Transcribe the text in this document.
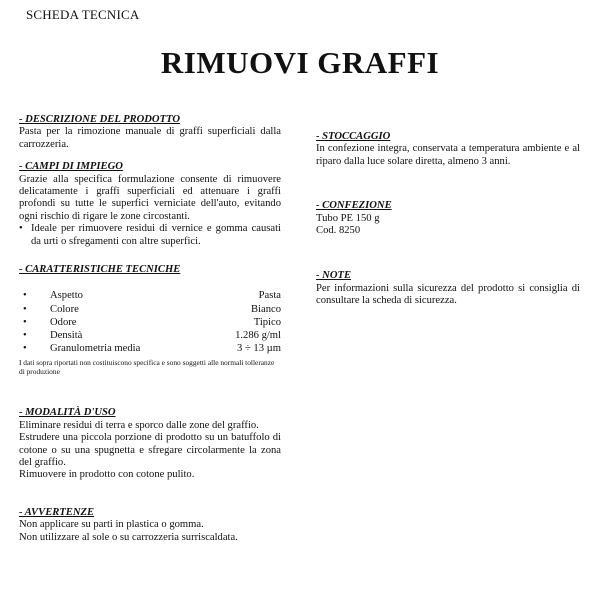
SCHEDA TECNICA
RIMUOVI GRAFFI
- DESCRIZIONE DEL PRODOTTO

Pasta per la rimozione manuale di graffi superficiali dalla carrozzeria.

- CAMPI DI IMPIEGO

Grazie alla specifica formulazione consente di rimuovere delicatamente i graffi superficiali ed attenuare i graffi profondi su tutte le superfici verniciate dell'auto, evitando ogni rischio di rigare le zone circostanti.

• Ideale per rimuovere residui di vernice e gomma causati da urti o sfregamenti con altre superfici.
- CARATTERISTICHE TECNICHE
•	Aspetto	Pasta
•	Colore	Bianco
•	Odore	Tipico
•	Densità	1.286 g/ml
•	Granulometria media	3 ÷ 13 µm
I dati sopra riportati non costituiscono specifica e sono soggetti alle normali tolleranze di produzione
- MODALITÀ D'USO

Eliminare residui di terra e sporco dalle zone del graffio.

Estrudere una piccola porzione di prodotto su un batuffolo di cotone o su una spugnetta e sfregare circolarmente la zona del graffio.

Rimuovere in prodotto con cotone pulito.

- AVVERTENZE

Non applicare su parti in plastica o gomma.

Non utilizzare al sole o su carrozzeria surriscaldata.

- STOCCAGGIO

In confezione integra, conservata a temperatura ambiente e al riparo dalla luce solare diretta, almeno 3 anni.

- CONFEZIONE

Tubo PE 150 g

Cod. 8250

- NOTE

Per informazioni sulla sicurezza del prodotto si consiglia di consultare la scheda di sicurezza.
